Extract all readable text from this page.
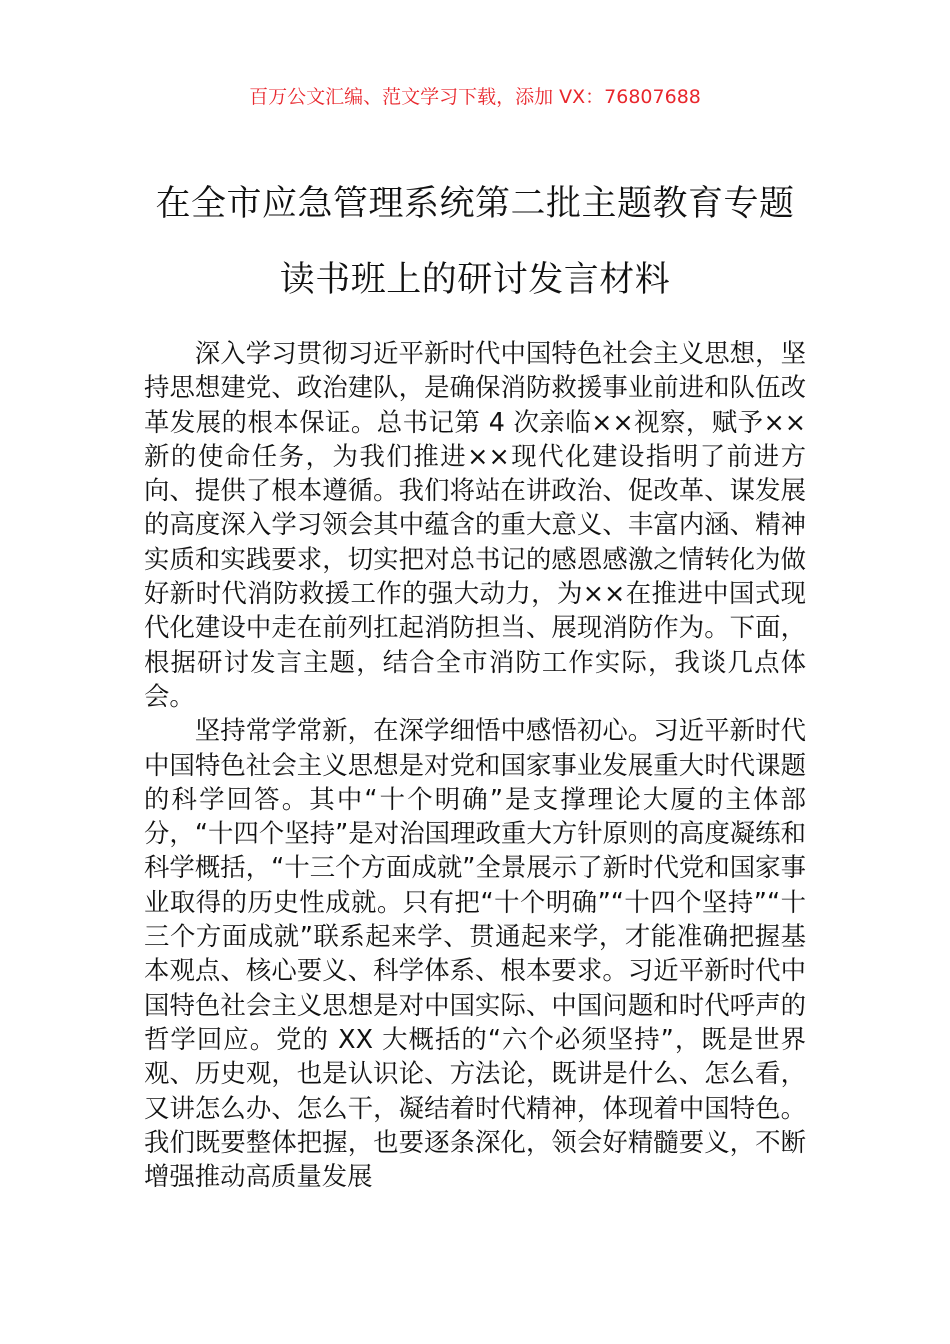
百万公文汇编、范文学习下载，添加 VX：76807688
在全市应急管理系统第二批主题教育专题
读书班上的研讨发言材料

深入学习贯彻习近平新时代中国特色社会主义思想，坚持思想建党、政治建队，是确保消防救援事业前进和队伍改革发展的根本保证。总书记第 4 次亲临××视察，赋予××新的使命任务，为我们推进××现代化建设指明了前进方向、提供了根本遵循。我们将站在讲政治、促改革、谋发展的高度深入学习领会其中蕴含的重大意义、丰富内涵、精神实质和实践要求，切实把对总书记的感恩感激之情转化为做好新时代消防救援工作的强大动力，为××在推进中国式现代化建设中走在前列扛起消防担当、展现消防作为。下面，根据研讨发言主题，结合全市消防工作实际，我谈几点体会。

坚持常学常新，在深学细悟中感悟初心。习近平新时代中国特色社会主义思想是对党和国家事业发展重大时代课题的科学回答。其中“十个明确”是支撑理论大厦的主体部分，“十四个坚持”是对治国理政重大方针原则的高度凝练和科学概括，“十三个方面成就”全景展示了新时代党和国家事业取得的历史性成就。只有把“十个明确”“十四个坚持”“十三个方面成就”联系起来学、贯通起来学，才能准确把握基本观点、核心要义、科学体系、根本要求。习近平新时代中国特色社会主义思想是对中国实际、中国问题和时代呼声的哲学回应。党的 XX 大概括的“六个必须坚持”，既是世界观、历史观，也是认识论、方法论，既讲是什么、怎么看，又讲怎么办、怎么干，凝结着时代精神，体现着中国特色。我们既要整体把握，也要逐条深化，领会好精髓要义，不断增强推动高质量发展
